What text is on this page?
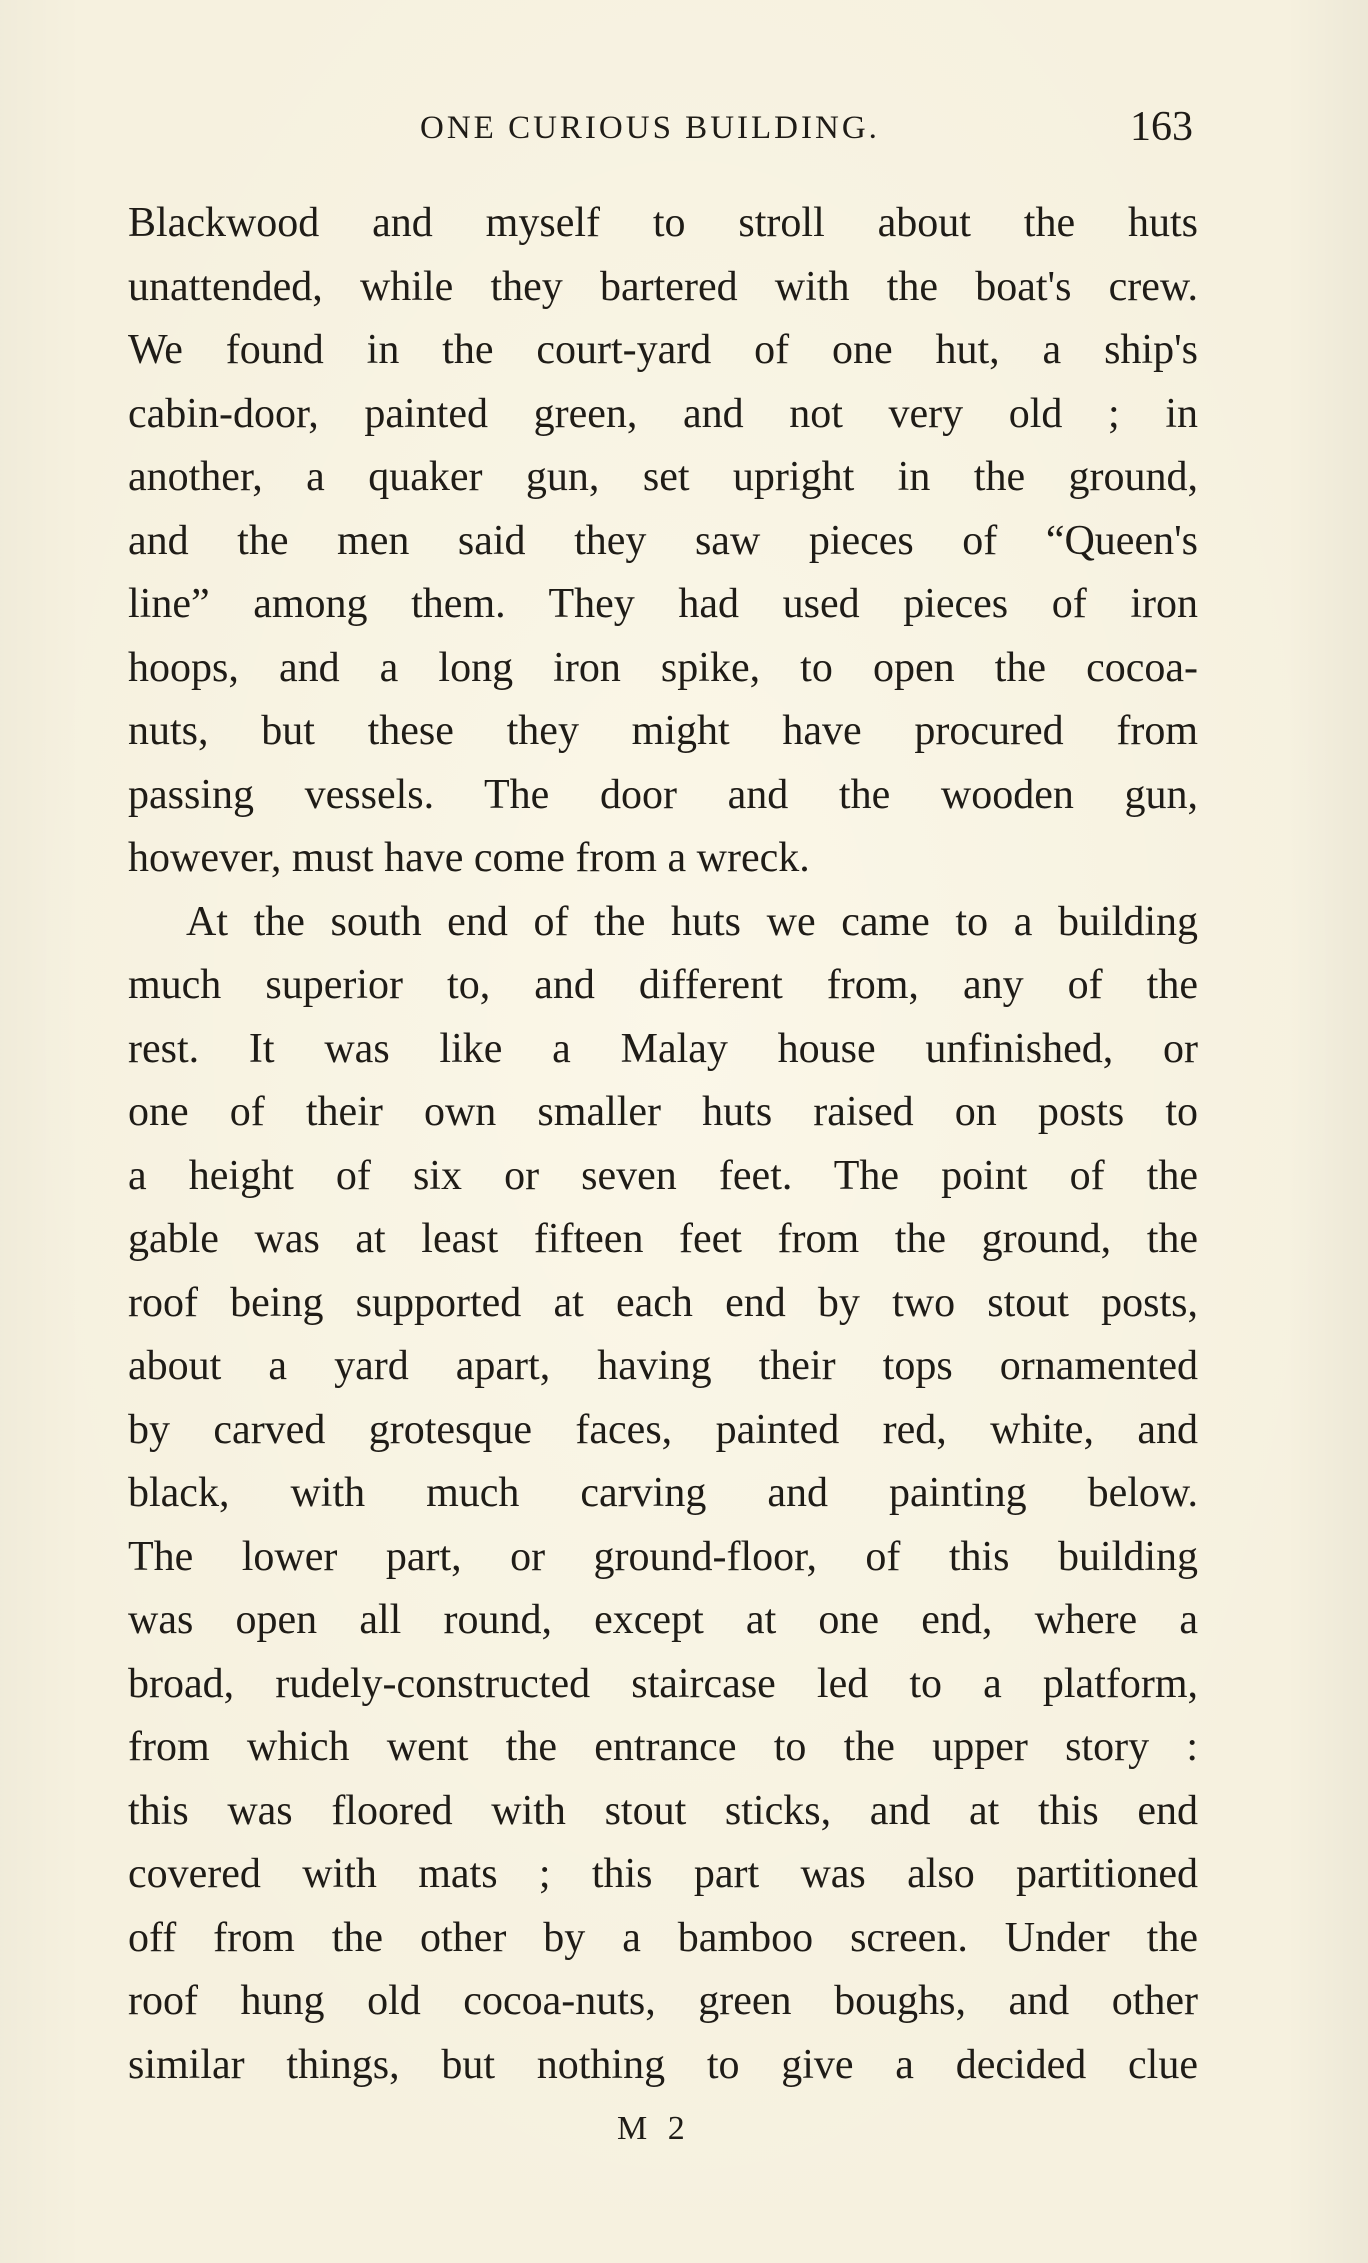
ONE CURIOUS BUILDING.	163
Blackwood and myself to stroll about the huts
unattended, while they bartered with the boat's crew.
We found in the court-yard of one hut, a ship's
cabin-door, painted green, and not very old ; in
another, a quaker gun, set upright in the ground,
and the men said they saw pieces of “Queen's
line” among them. They had used pieces of iron
hoops, and a long iron spike, to open the cocoa-
nuts, but these they might have procured from
passing vessels. The door and the wooden gun,
however, must have come from a wreck.
At the south end of the huts we came to a building
much superior to, and different from, any of the
rest. It was like a Malay house unfinished, or
one of their own smaller huts raised on posts to
a height of six or seven feet. The point of the
gable was at least fifteen feet from the ground, the
roof being supported at each end by two stout posts,
about a yard apart, having their tops ornamented
by carved grotesque faces, painted red, white, and
black, with much carving and painting below.
The lower part, or ground-floor, of this building
was open all round, except at one end, where a
broad, rudely-constructed staircase led to a platform,
from which went the entrance to the upper story :
this was floored with stout sticks, and at this end
covered with mats ; this part was also partitioned
off from the other by a bamboo screen. Under the
roof hung old cocoa-nuts, green boughs, and other
similar things, but nothing to give a decided clue
M 2
